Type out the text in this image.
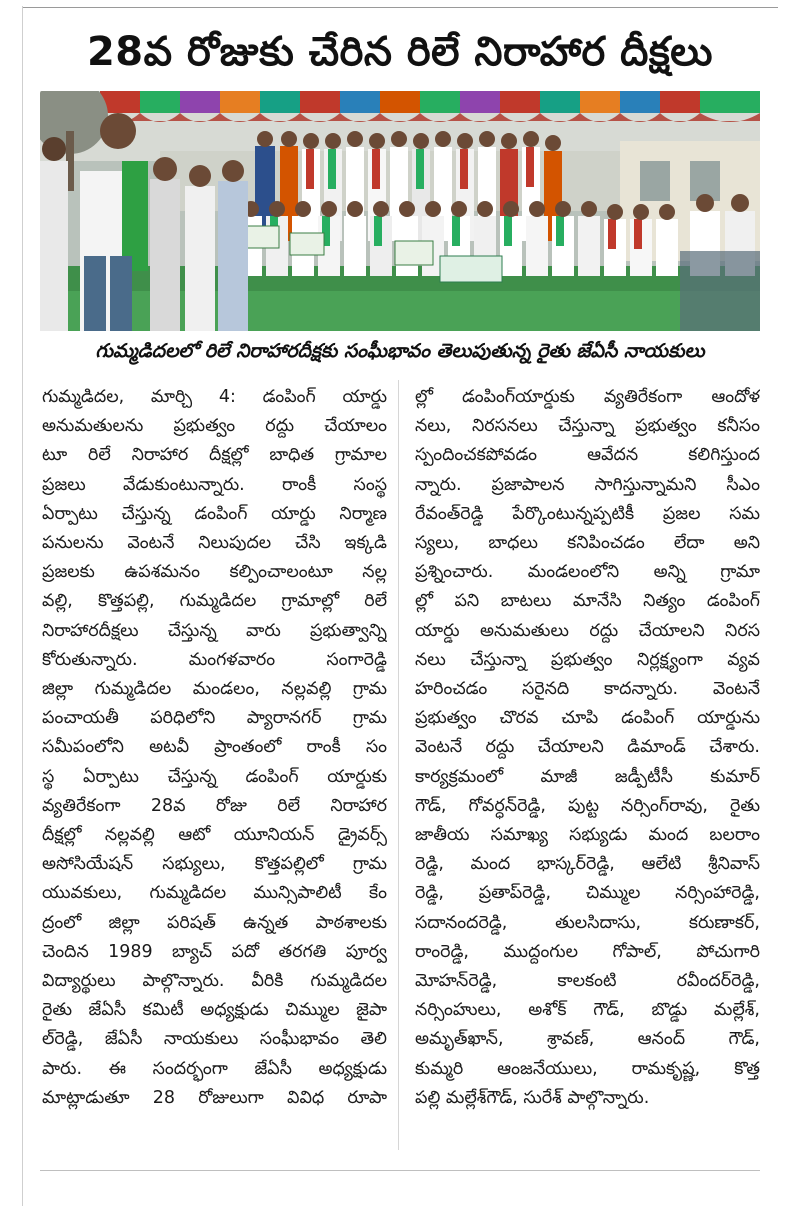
28వ రోజుకు చేరిన రిలే నిరాహార దీక్షలు
గుమ్మడిదలలో రిలే నిరాహారదీక్షకు సంఘీభావం తెలుపుతున్న రైతు జేఏసీ నాయకులు
గుమ్మడిదల, మార్చి 4: డంపింగ్ యార్డు
అనుమతులను ప్రభుత్వం రద్దు చేయాలం
టూ రిలే నిరాహార దీక్షల్లో బాధిత గ్రామాల
ప్రజలు వేడుకుంటున్నారు. రాంకీ సంస్థ
ఏర్పాటు చేస్తున్న డంపింగ్ యార్డు నిర్మాణ
పనులను వెంటనే నిలుపుదల చేసి ఇక్కడి
ప్రజలకు ఉపశమనం కల్పించాలంటూ నల్ల
వల్లి, కొత్తపల్లి, గుమ్మడిదల గ్రామాల్లో రిలే
నిరాహారదీక్షలు చేస్తున్న వారు ప్రభుత్వాన్ని
కోరుతున్నారు. మంగళవారం సంగారెడ్డి
జిల్లా గుమ్మడిదల మండలం, నల్లవల్లి గ్రామ
పంచాయతీ పరిధిలోని ప్యారానగర్ గ్రామ
సమీపంలోని అటవీ ప్రాంతంలో రాంకీ సం
స్థ ఏర్పాటు చేస్తున్న డంపింగ్ యార్డుకు
వ్యతిరేకంగా 28వ రోజు రిలే నిరాహార
దీక్షల్లో నల్లవల్లి ఆటో యూనియన్ డ్రైవర్స్
అసోసియేషన్ సభ్యులు, కొత్తపల్లిలో గ్రామ
యువకులు, గుమ్మడిదల మున్సిపాలిటీ కేం
ద్రంలో జిల్లా పరిషత్ ఉన్నత పాఠశాలకు
చెందిన 1989 బ్యాచ్ పదో తరగతి పూర్వ
విద్యార్థులు పాల్గొన్నారు. వీరికి గుమ్మడిదల
రైతు జేఏసీ కమిటీ అధ్యక్షుడు చిమ్ముల జైపా
ల్‌రెడ్డి, జేఏసీ నాయకులు సంఘీభావం తెలి
పారు. ఈ సందర్భంగా జేఏసీ అధ్యక్షుడు
మాట్లాడుతూ 28 రోజులుగా వివిధ రూపా
ల్లో డంపింగ్‌యార్డుకు వ్యతిరేకంగా ఆందోళ
నలు, నిరసనలు చేస్తున్నా ప్రభుత్వం కనీసం
స్పందించకపోవడం ఆవేదన కలిగిస్తుంద
న్నారు. ప్రజాపాలన సాగిస్తున్నామని సీఎం
రేవంత్‌రెడ్డి పేర్కొంటున్నప్పటికీ ప్రజల సమ
స్యలు, బాధలు కనిపించడం లేదా అని
ప్రశ్నించారు. మండలంలోని అన్ని గ్రామా
ల్లో పని బాటలు మానేసి నిత్యం డంపింగ్
యార్డు అనుమతులు రద్దు చేయాలని నిరస
నలు చేస్తున్నా ప్రభుత్వం నిర్లక్ష్యంగా వ్యవ
హరించడం సరైనది కాదన్నారు. వెంటనే
ప్రభుత్వం చొరవ చూపి డంపింగ్ యార్డును
వెంటనే రద్దు చేయాలని డిమాండ్ చేశారు.
కార్యక్రమంలో మాజీ జడ్పీటీసీ కుమార్
గౌడ్, గోవర్ధన్‌రెడ్డి, పుట్ట నర్సింగ్‌రావు, రైతు
జాతీయ సమాఖ్య సభ్యుడు మంద బలరాం
రెడ్డి, మంద భాస్కర్‌రెడ్డి, ఆలేటి శ్రీనివాస్
రెడ్డి, ప్రతాప్‌రెడ్డి, చిమ్ముల నర్సింహారెడ్డి,
సదానందరెడ్డి, తులసిదాసు, కరుణాకర్,
రాంరెడ్డి, ముద్దంగుల గోపాల్, పోచుగారి
మోహన్‌రెడ్డి, కాలకంటి రవీందర్‌రెడ్డి,
నర్సింహులు, అశోక్ గౌడ్, బొడ్డు మల్లేశ్,
అమృత్‌ఖాన్, శ్రావణ్, ఆనంద్ గౌడ్,
కుమ్మరి ఆంజనేయులు, రామకృష్ణ, కొత్త
పల్లి మల్లేశ్‌గౌడ్, సురేశ్ పాల్గొన్నారు.
